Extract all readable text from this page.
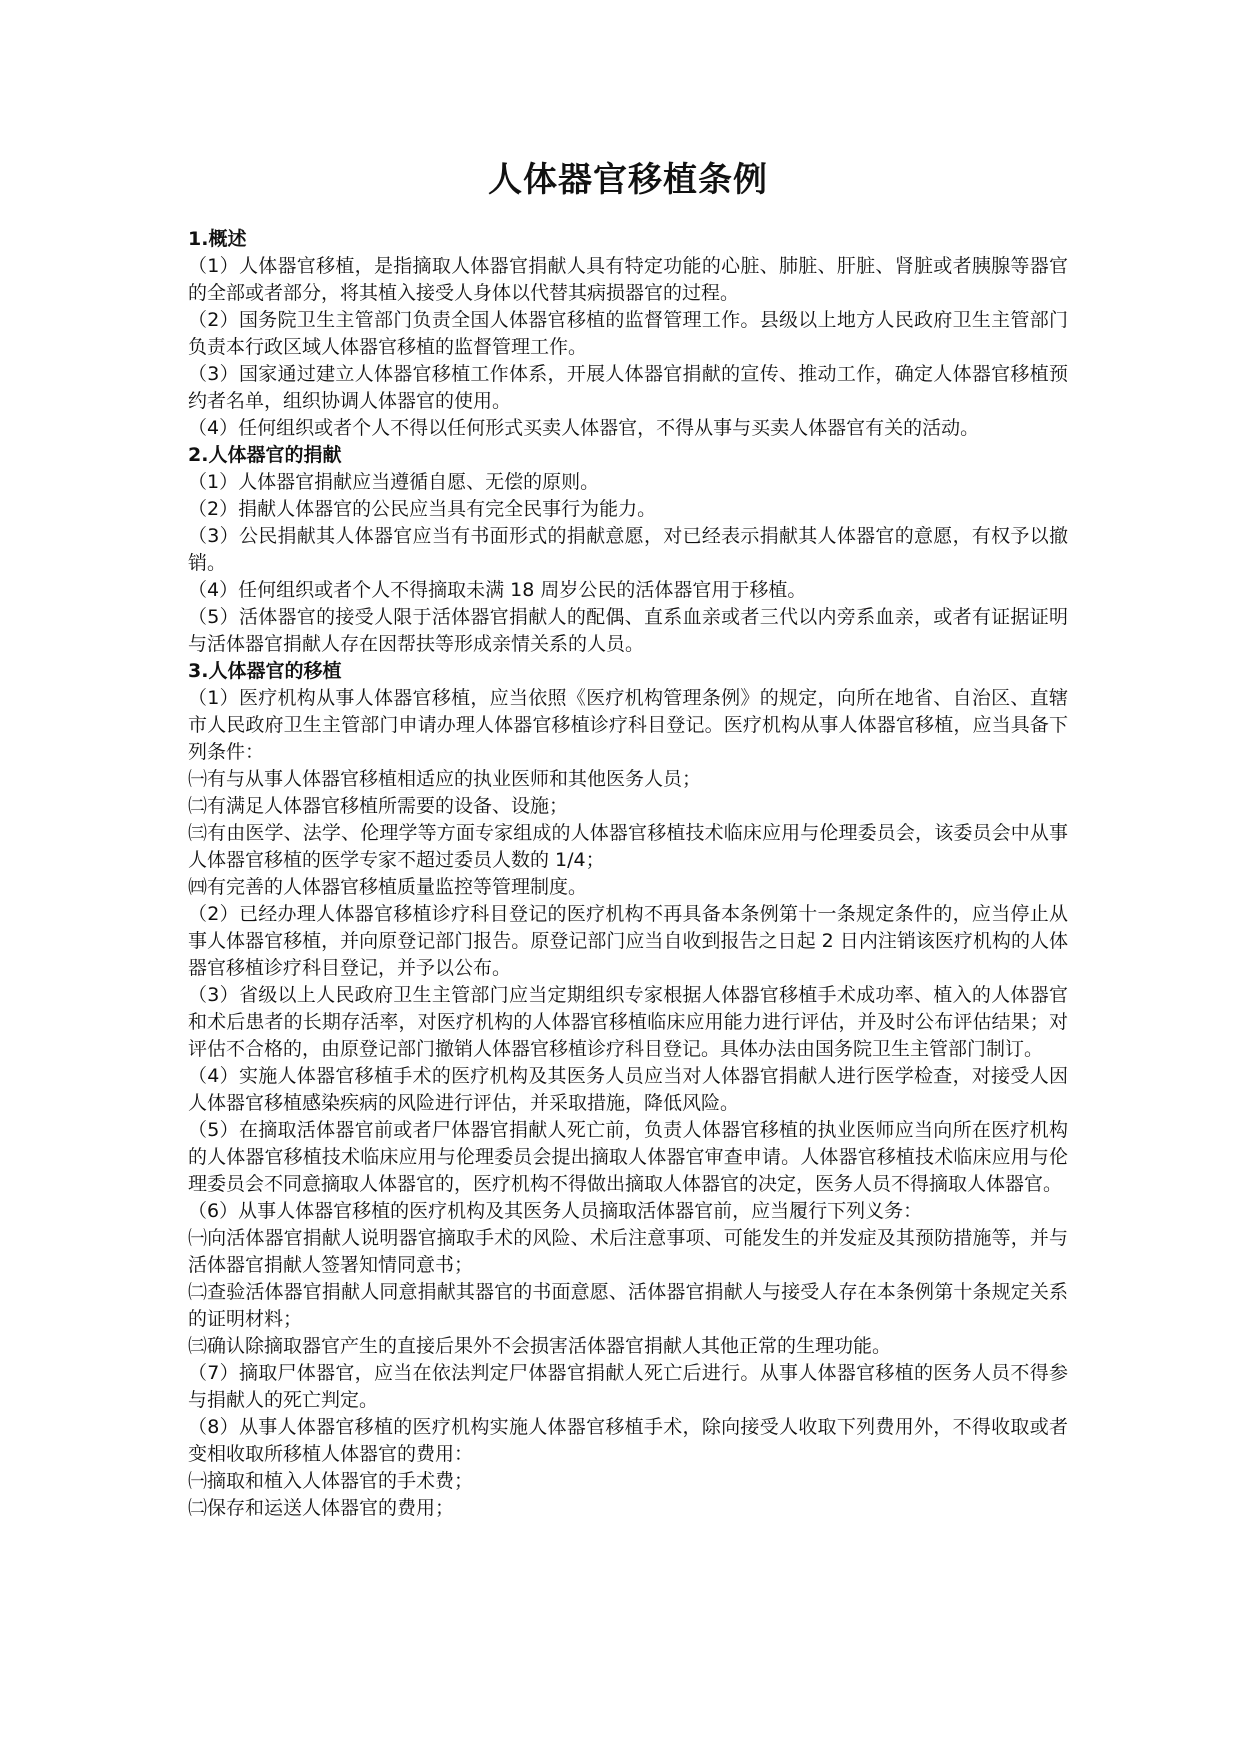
人体器官移植条例

1.概述

（1）人体器官移植，是指摘取人体器官捐献人具有特定功能的心脏、肺脏、肝脏、肾脏或者胰腺等器官的全部或者部分，将其植入接受人身体以代替其病损器官的过程。

（2）国务院卫生主管部门负责全国人体器官移植的监督管理工作。县级以上地方人民政府卫生主管部门负责本行政区域人体器官移植的监督管理工作。

（3）国家通过建立人体器官移植工作体系，开展人体器官捐献的宣传、推动工作，确定人体器官移植预约者名单，组织协调人体器官的使用。

（4）任何组织或者个人不得以任何形式买卖人体器官，不得从事与买卖人体器官有关的活动。

2.人体器官的捐献

（1）人体器官捐献应当遵循自愿、无偿的原则。

（2）捐献人体器官的公民应当具有完全民事行为能力。

（3）公民捐献其人体器官应当有书面形式的捐献意愿，对已经表示捐献其人体器官的意愿，有权予以撤销。

（4）任何组织或者个人不得摘取未满 18 周岁公民的活体器官用于移植。

（5）活体器官的接受人限于活体器官捐献人的配偶、直系血亲或者三代以内旁系血亲，或者有证据证明与活体器官捐献人存在因帮扶等形成亲情关系的人员。

3.人体器官的移植

（1）医疗机构从事人体器官移植，应当依照《医疗机构管理条例》的规定，向所在地省、自治区、直辖市人民政府卫生主管部门申请办理人体器官移植诊疗科目登记。医疗机构从事人体器官移植，应当具备下列条件：

㈠有与从事人体器官移植相适应的执业医师和其他医务人员；

㈡有满足人体器官移植所需要的设备、设施；

㈢有由医学、法学、伦理学等方面专家组成的人体器官移植技术临床应用与伦理委员会，该委员会中从事人体器官移植的医学专家不超过委员人数的 1/4；

㈣有完善的人体器官移植质量监控等管理制度。

（2）已经办理人体器官移植诊疗科目登记的医疗机构不再具备本条例第十一条规定条件的，应当停止从事人体器官移植，并向原登记部门报告。原登记部门应当自收到报告之日起 2 日内注销该医疗机构的人体器官移植诊疗科目登记，并予以公布。

（3）省级以上人民政府卫生主管部门应当定期组织专家根据人体器官移植手术成功率、植入的人体器官和术后患者的长期存活率，对医疗机构的人体器官移植临床应用能力进行评估，并及时公布评估结果；对评估不合格的，由原登记部门撤销人体器官移植诊疗科目登记。具体办法由国务院卫生主管部门制订。

（4）实施人体器官移植手术的医疗机构及其医务人员应当对人体器官捐献人进行医学检查，对接受人因人体器官移植感染疾病的风险进行评估，并采取措施，降低风险。

（5）在摘取活体器官前或者尸体器官捐献人死亡前，负责人体器官移植的执业医师应当向所在医疗机构的人体器官移植技术临床应用与伦理委员会提出摘取人体器官审查申请。人体器官移植技术临床应用与伦理委员会不同意摘取人体器官的，医疗机构不得做出摘取人体器官的决定，医务人员不得摘取人体器官。

（6）从事人体器官移植的医疗机构及其医务人员摘取活体器官前，应当履行下列义务：

㈠向活体器官捐献人说明器官摘取手术的风险、术后注意事项、可能发生的并发症及其预防措施等，并与活体器官捐献人签署知情同意书；

㈡查验活体器官捐献人同意捐献其器官的书面意愿、活体器官捐献人与接受人存在本条例第十条规定关系的证明材料；

㈢确认除摘取器官产生的直接后果外不会损害活体器官捐献人其他正常的生理功能。

（7）摘取尸体器官，应当在依法判定尸体器官捐献人死亡后进行。从事人体器官移植的医务人员不得参与捐献人的死亡判定。

（8）从事人体器官移植的医疗机构实施人体器官移植手术，除向接受人收取下列费用外，不得收取或者变相收取所移植人体器官的费用：

㈠摘取和植入人体器官的手术费；

㈡保存和运送人体器官的费用；
